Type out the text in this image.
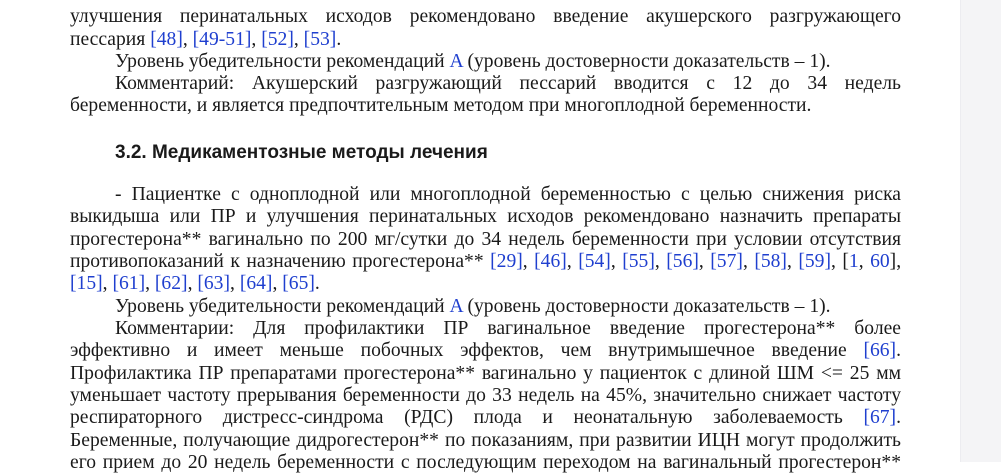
улучшения перинатальных исходов рекомендовано введение акушерского разгружающего
пессария [48], [49-51], [52], [53].
Уровень убедительности рекомендаций A (уровень достоверности доказательств – 1).
Комментарий: Акушерский разгружающий пессарий вводится с 12 до 34 недель
беременности, и является предпочтительным методом при многоплодной беременности.
3.2. Медикаментозные методы лечения
- Пациентке с одноплодной или многоплодной беременностью с целью снижения риска
выкидыша или ПР и улучшения перинатальных исходов рекомендовано назначить препараты
прогестерона** вагинально по 200 мг/сутки до 34 недель беременности при условии отсутствия
противопоказаний к назначению прогестерона** [29], [46], [54], [55], [56], [57], [58], [59], [1, 60],
[15], [61], [62], [63], [64], [65].
Уровень убедительности рекомендаций A (уровень достоверности доказательств – 1).
Комментарии: Для профилактики ПР вагинальное введение прогестерона** более
эффективно и имеет меньше побочных эффектов, чем внутримышечное введение [66].
Профилактика ПР препаратами прогестерона** вагинально у пациенток с длиной ШМ <= 25 мм
уменьшает частоту прерывания беременности до 33 недель на 45%, значительно снижает частоту
респираторного дистресс-синдрома (РДС) плода и неонатальную заболеваемость [67].
Беременные, получающие дидрогестерон** по показаниям, при развитии ИЦН могут продолжить
его прием до 20 недель беременности с последующим переходом на вагинальный прогестерон**
